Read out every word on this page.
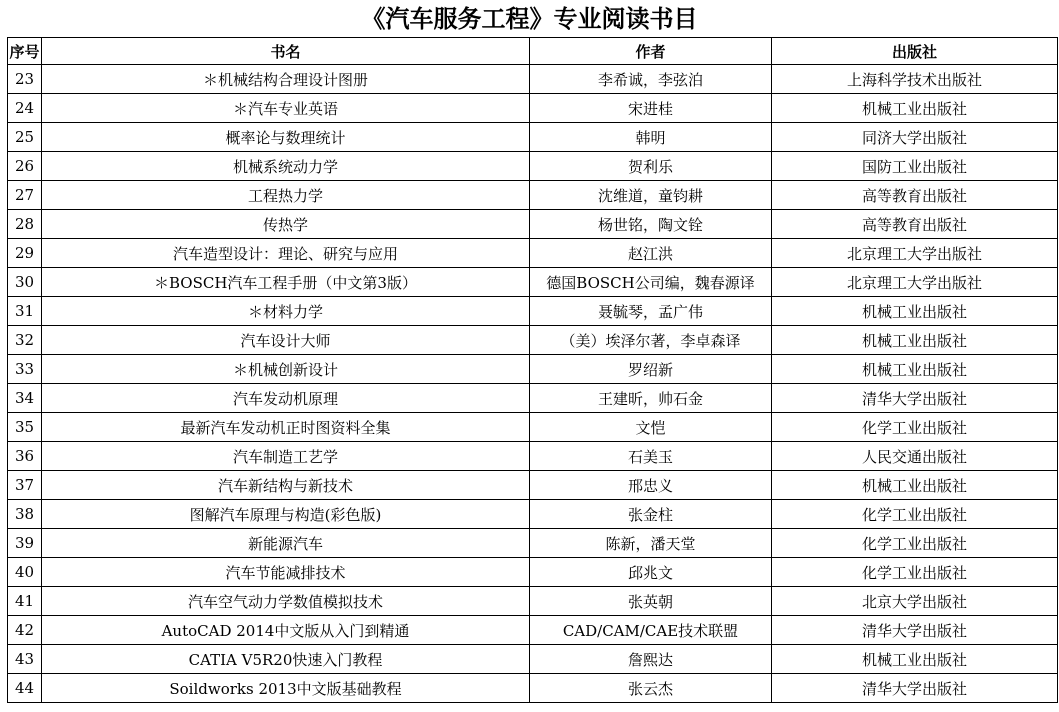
《汽车服务工程》专业阅读书目
序号	书名	作者	出版社
23	＊机械结构合理设计图册	李希诚，李弦泊	上海科学技术出版社
24	＊汽车专业英语	宋进桂	机械工业出版社
25	概率论与数理统计	韩明	同济大学出版社
26	机械系统动力学	贺利乐	国防工业出版社
27	工程热力学	沈维道，童钧耕	高等教育出版社
28	传热学	杨世铭，陶文铨	高等教育出版社
29	汽车造型设计：理论、研究与应用	赵江洪	北京理工大学出版社
30	＊BOSCH汽车工程手册（中文第3版）	德国BOSCH公司编，魏春源译	北京理工大学出版社
31	＊材料力学	聂毓琴，孟广伟	机械工业出版社
32	汽车设计大师	（美）埃泽尔著，李卓森译	机械工业出版社
33	＊机械创新设计	罗绍新	机械工业出版社
34	汽车发动机原理	王建昕，帅石金	清华大学出版社
35	最新汽车发动机正时图资料全集	文恺	化学工业出版社
36	汽车制造工艺学	石美玉	人民交通出版社
37	汽车新结构与新技术	邢忠义	机械工业出版社
38	图解汽车原理与构造(彩色版)	张金柱	化学工业出版社
39	新能源汽车	陈新，潘天堂	化学工业出版社
40	汽车节能减排技术	邱兆文	化学工业出版社
41	汽车空气动力学数值模拟技术	张英朝	北京大学出版社
42	AutoCAD 2014中文版从入门到精通	CAD/CAM/CAE技术联盟	清华大学出版社
43	CATIA V5R20快速入门教程	詹熙达	机械工业出版社
44	Soildworks 2013中文版基础教程	张云杰	清华大学出版社
